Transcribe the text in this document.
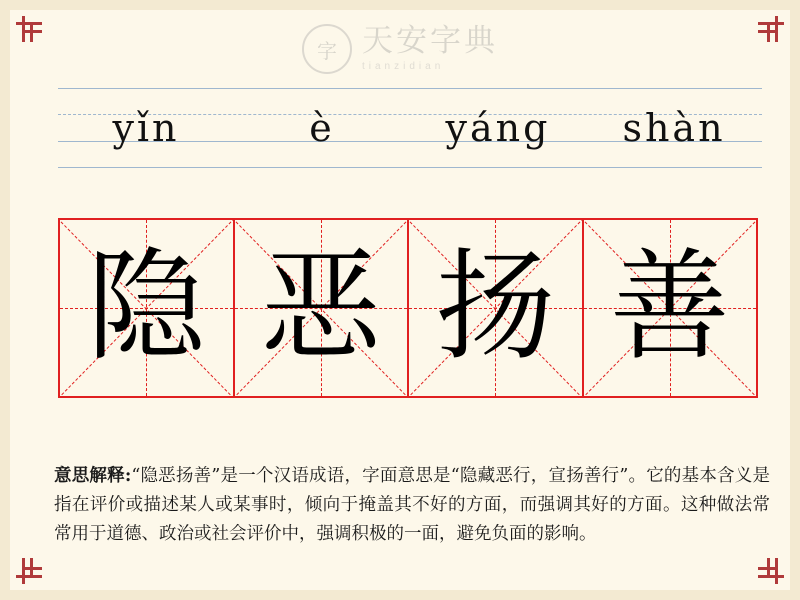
字 天安字典
tianzidian
yǐn	è	yáng	shàn
隐 恶 扬 善
意思解释:“隐恶扬善”是一个汉语成语，字面意思是“隐藏恶行，宣扬善行”。它的基本含义是指在评价或描述某人或某事时，倾向于掩盖其不好的方面，而强调其好的方面。这种做法常常用于道德、政治或社会评价中，强调积极的一面，避免负面的影响。
